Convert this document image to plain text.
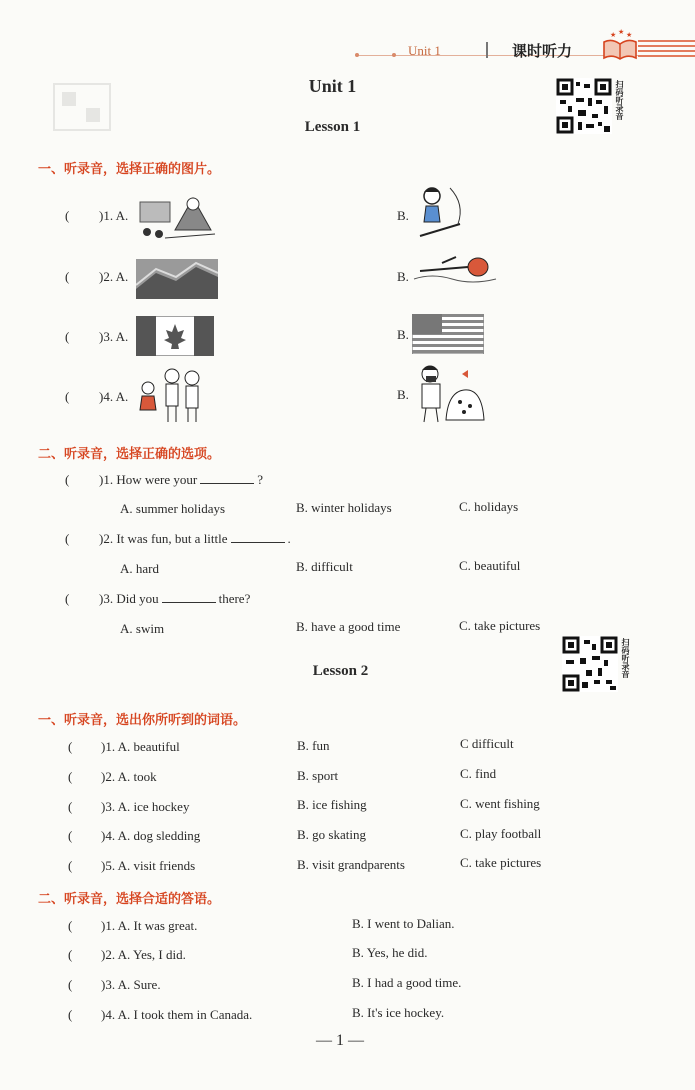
Unit 1	课时听力
★ ★ ★
Unit 1
Lesson 1
扫码听录音
一、听录音，选择正确的图片。
( )1. A.	B.
( )2. A.	B.
( )3. A.	B.
( )4. A.	B.
二、听录音，选择正确的选项。
( )1. How were your	?
A. summer holidays	B. winter holidays	C. holidays
( )2. It was fun, but a little	.
A. hard	B. difficult	C. beautiful
( )3. Did you	there?
A. swim	B. have a good time	C. take pictures
Lesson 2	扫码听录音
一、听录音，选出你所听到的词语。
( )1. A. beautiful	B. fun	C difficult
( )2. A. took	B. sport	C. find
( )3. A. ice hockey	B. ice fishing	C. went fishing
( )4. A. dog sledding	B. go skating	C. play football
( )5. A. visit friends	B. visit grandparents	C. take pictures
二、听录音，选择合适的答语。
( )1. A. It was great.	B. I went to Dalian.
( )2. A. Yes, I did.	B. Yes, he did.
( )3. A. Sure.	B. I had a good time.
( )4. A. I took them in Canada.	B. It's ice hockey.
— 1 —
